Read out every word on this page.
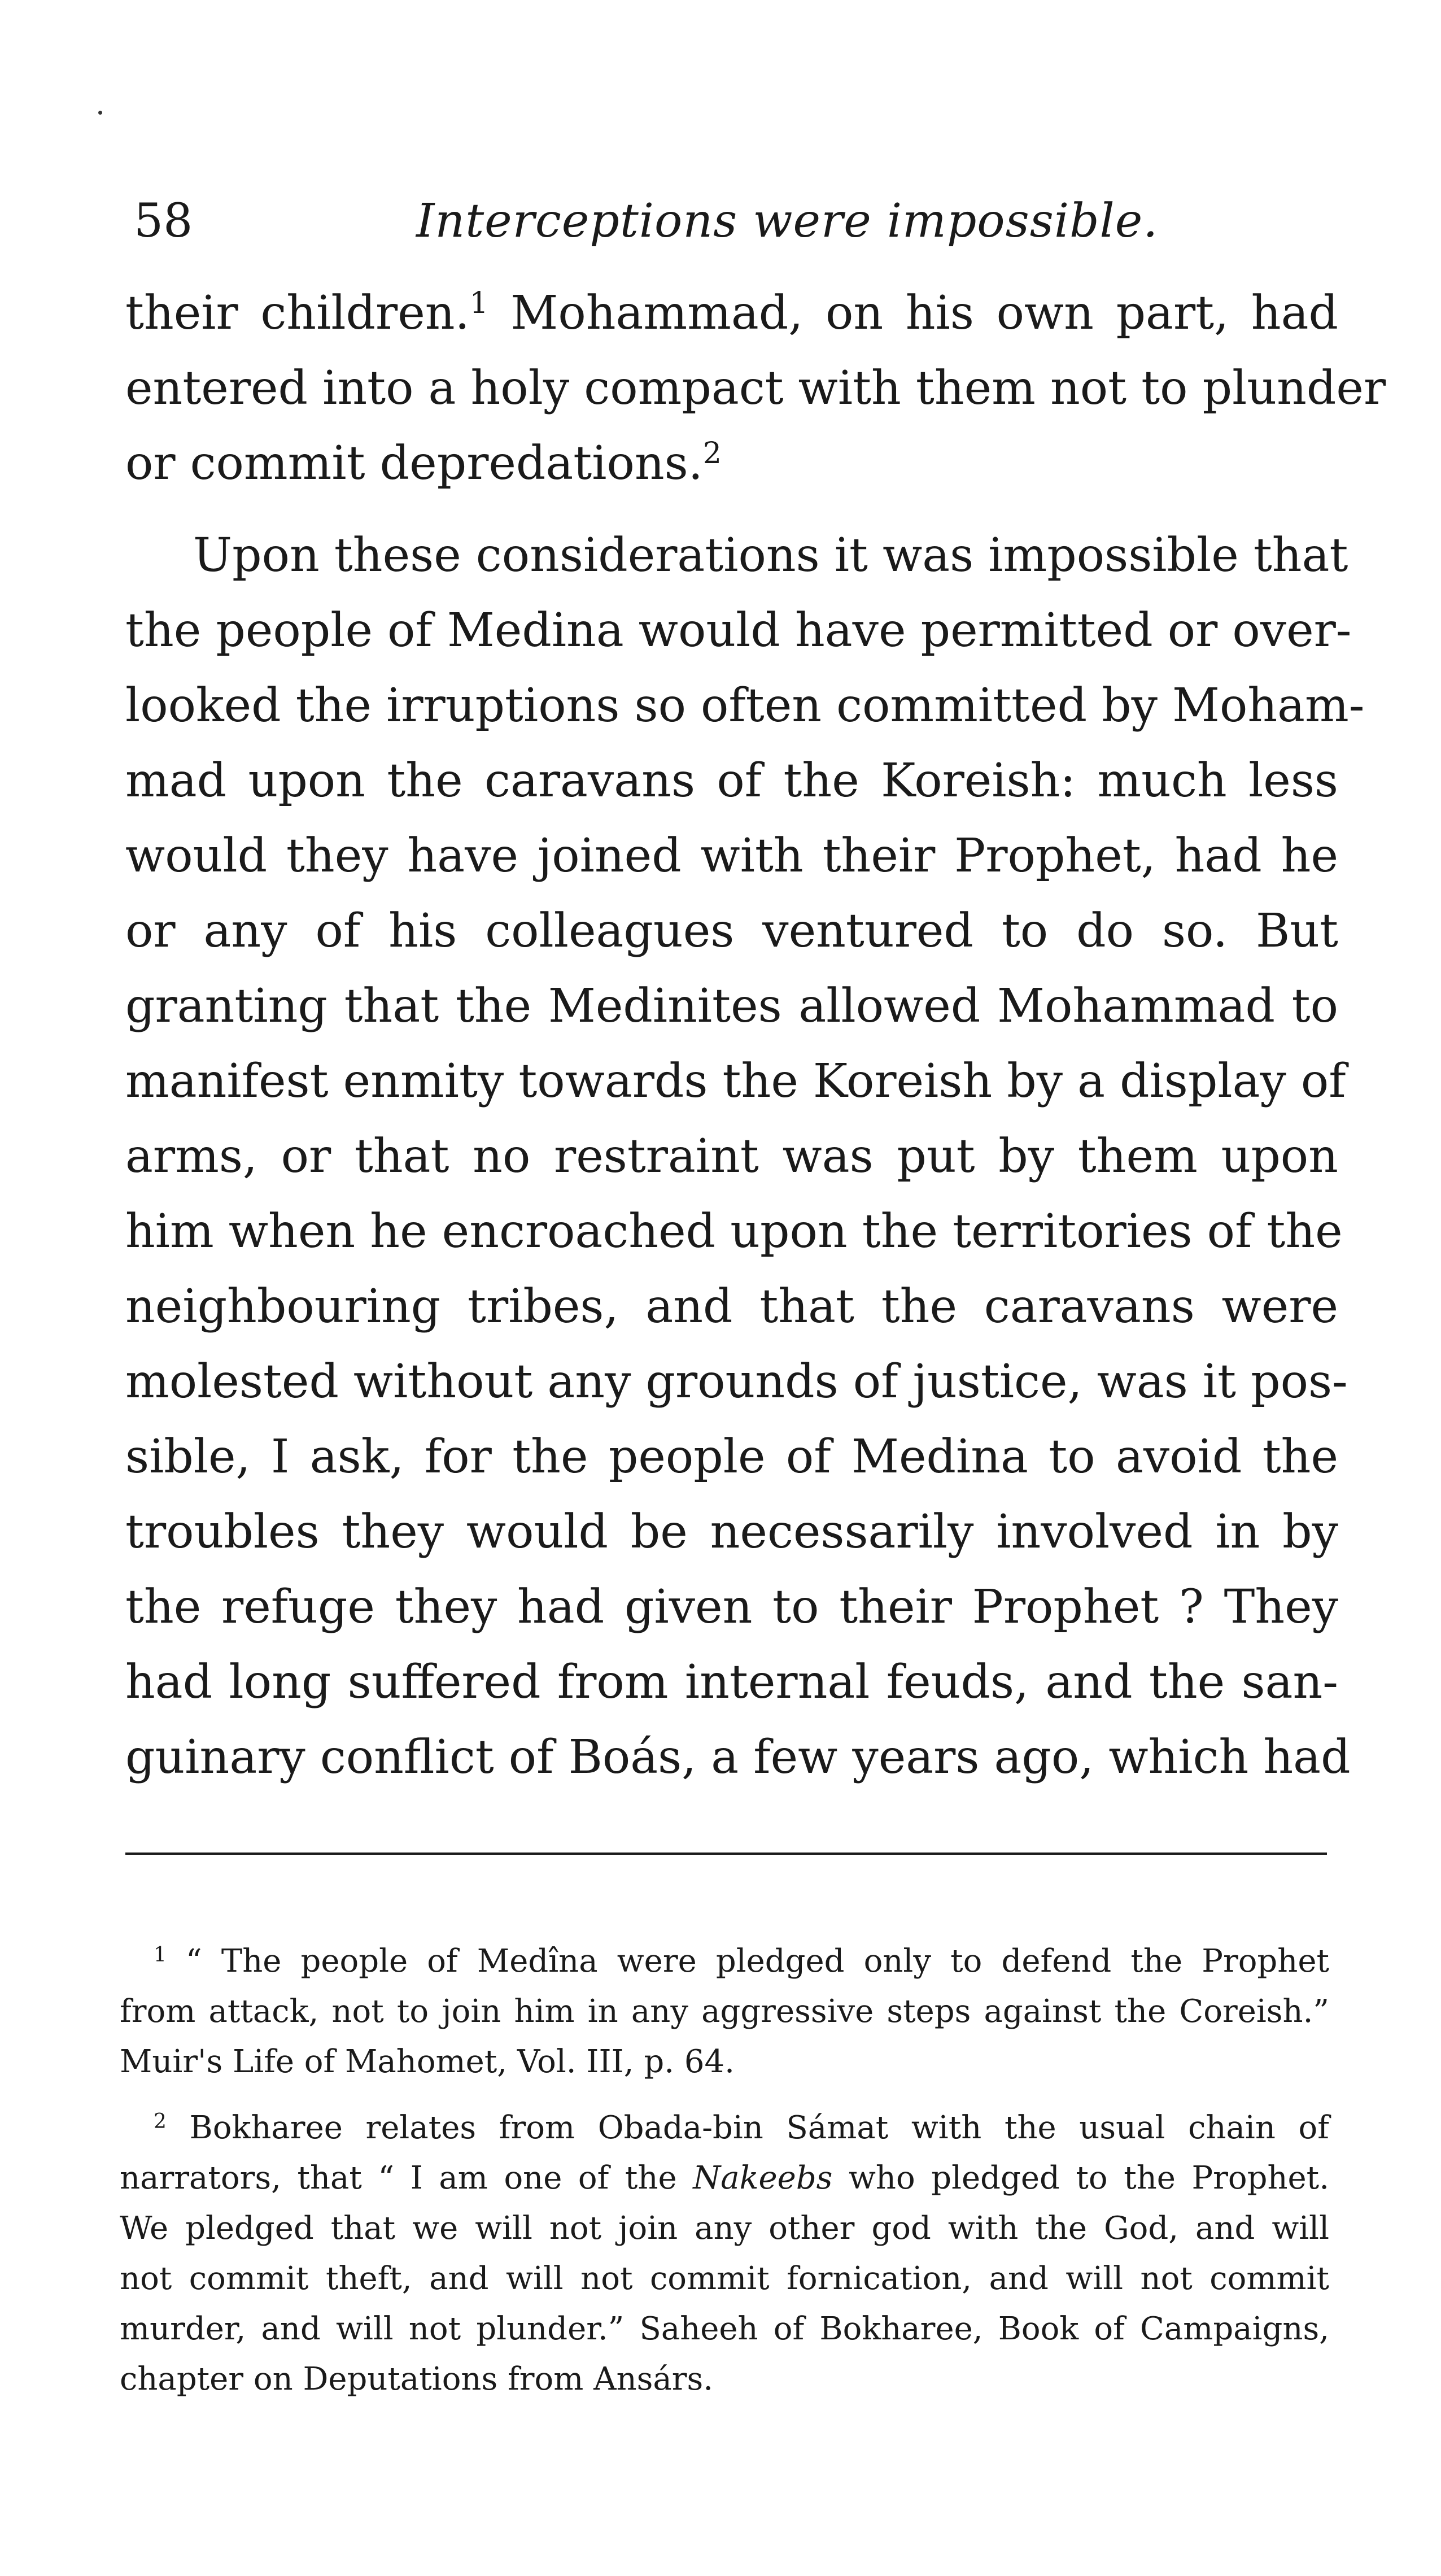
58	Interceptions were impossible.
their children.$^1$ Mohammad, on his own part, had
entered into a holy compact with them not to plunder
or commit depredations.$^2$
Upon these considerations it was impossible that
the people of Medina would have permitted or over-
looked the irruptions so often committed by Moham-
mad upon the caravans of the Koreish: much less
would they have joined with their Prophet, had he
or any of his colleagues ventured to do so. But
granting that the Medinites allowed Mohammad to
manifest enmity towards the Koreish by a display of
arms, or that no restraint was put by them upon
him when he encroached upon the territories of the
neighbouring tribes, and that the caravans were
molested without any grounds of justice, was it pos-
sible, I ask, for the people of Medina to avoid the
troubles they would be necessarily involved in by
the refuge they had given to their Prophet ? They
had long suffered from internal feuds, and the san-
guinary conflict of Boás, a few years ago, which had
$^1$ “ The people of Medîna were pledged only to defend the Prophet
from attack, not to join him in any aggressive steps against the Coreish.”
Muir's Life of Mahomet, Vol. III, p. 64.
$^2$ Bokharee relates from Obada-bin Sámat with the usual chain of
narrators, that “ I am one of the Nakeebs who pledged to the Prophet.
We pledged that we will not join any other god with the God, and will
not commit theft, and will not commit fornication, and will not commit
murder, and will not plunder.” Saheeh of Bokharee, Book of Campaigns,
chapter on Deputations from Ansárs.
